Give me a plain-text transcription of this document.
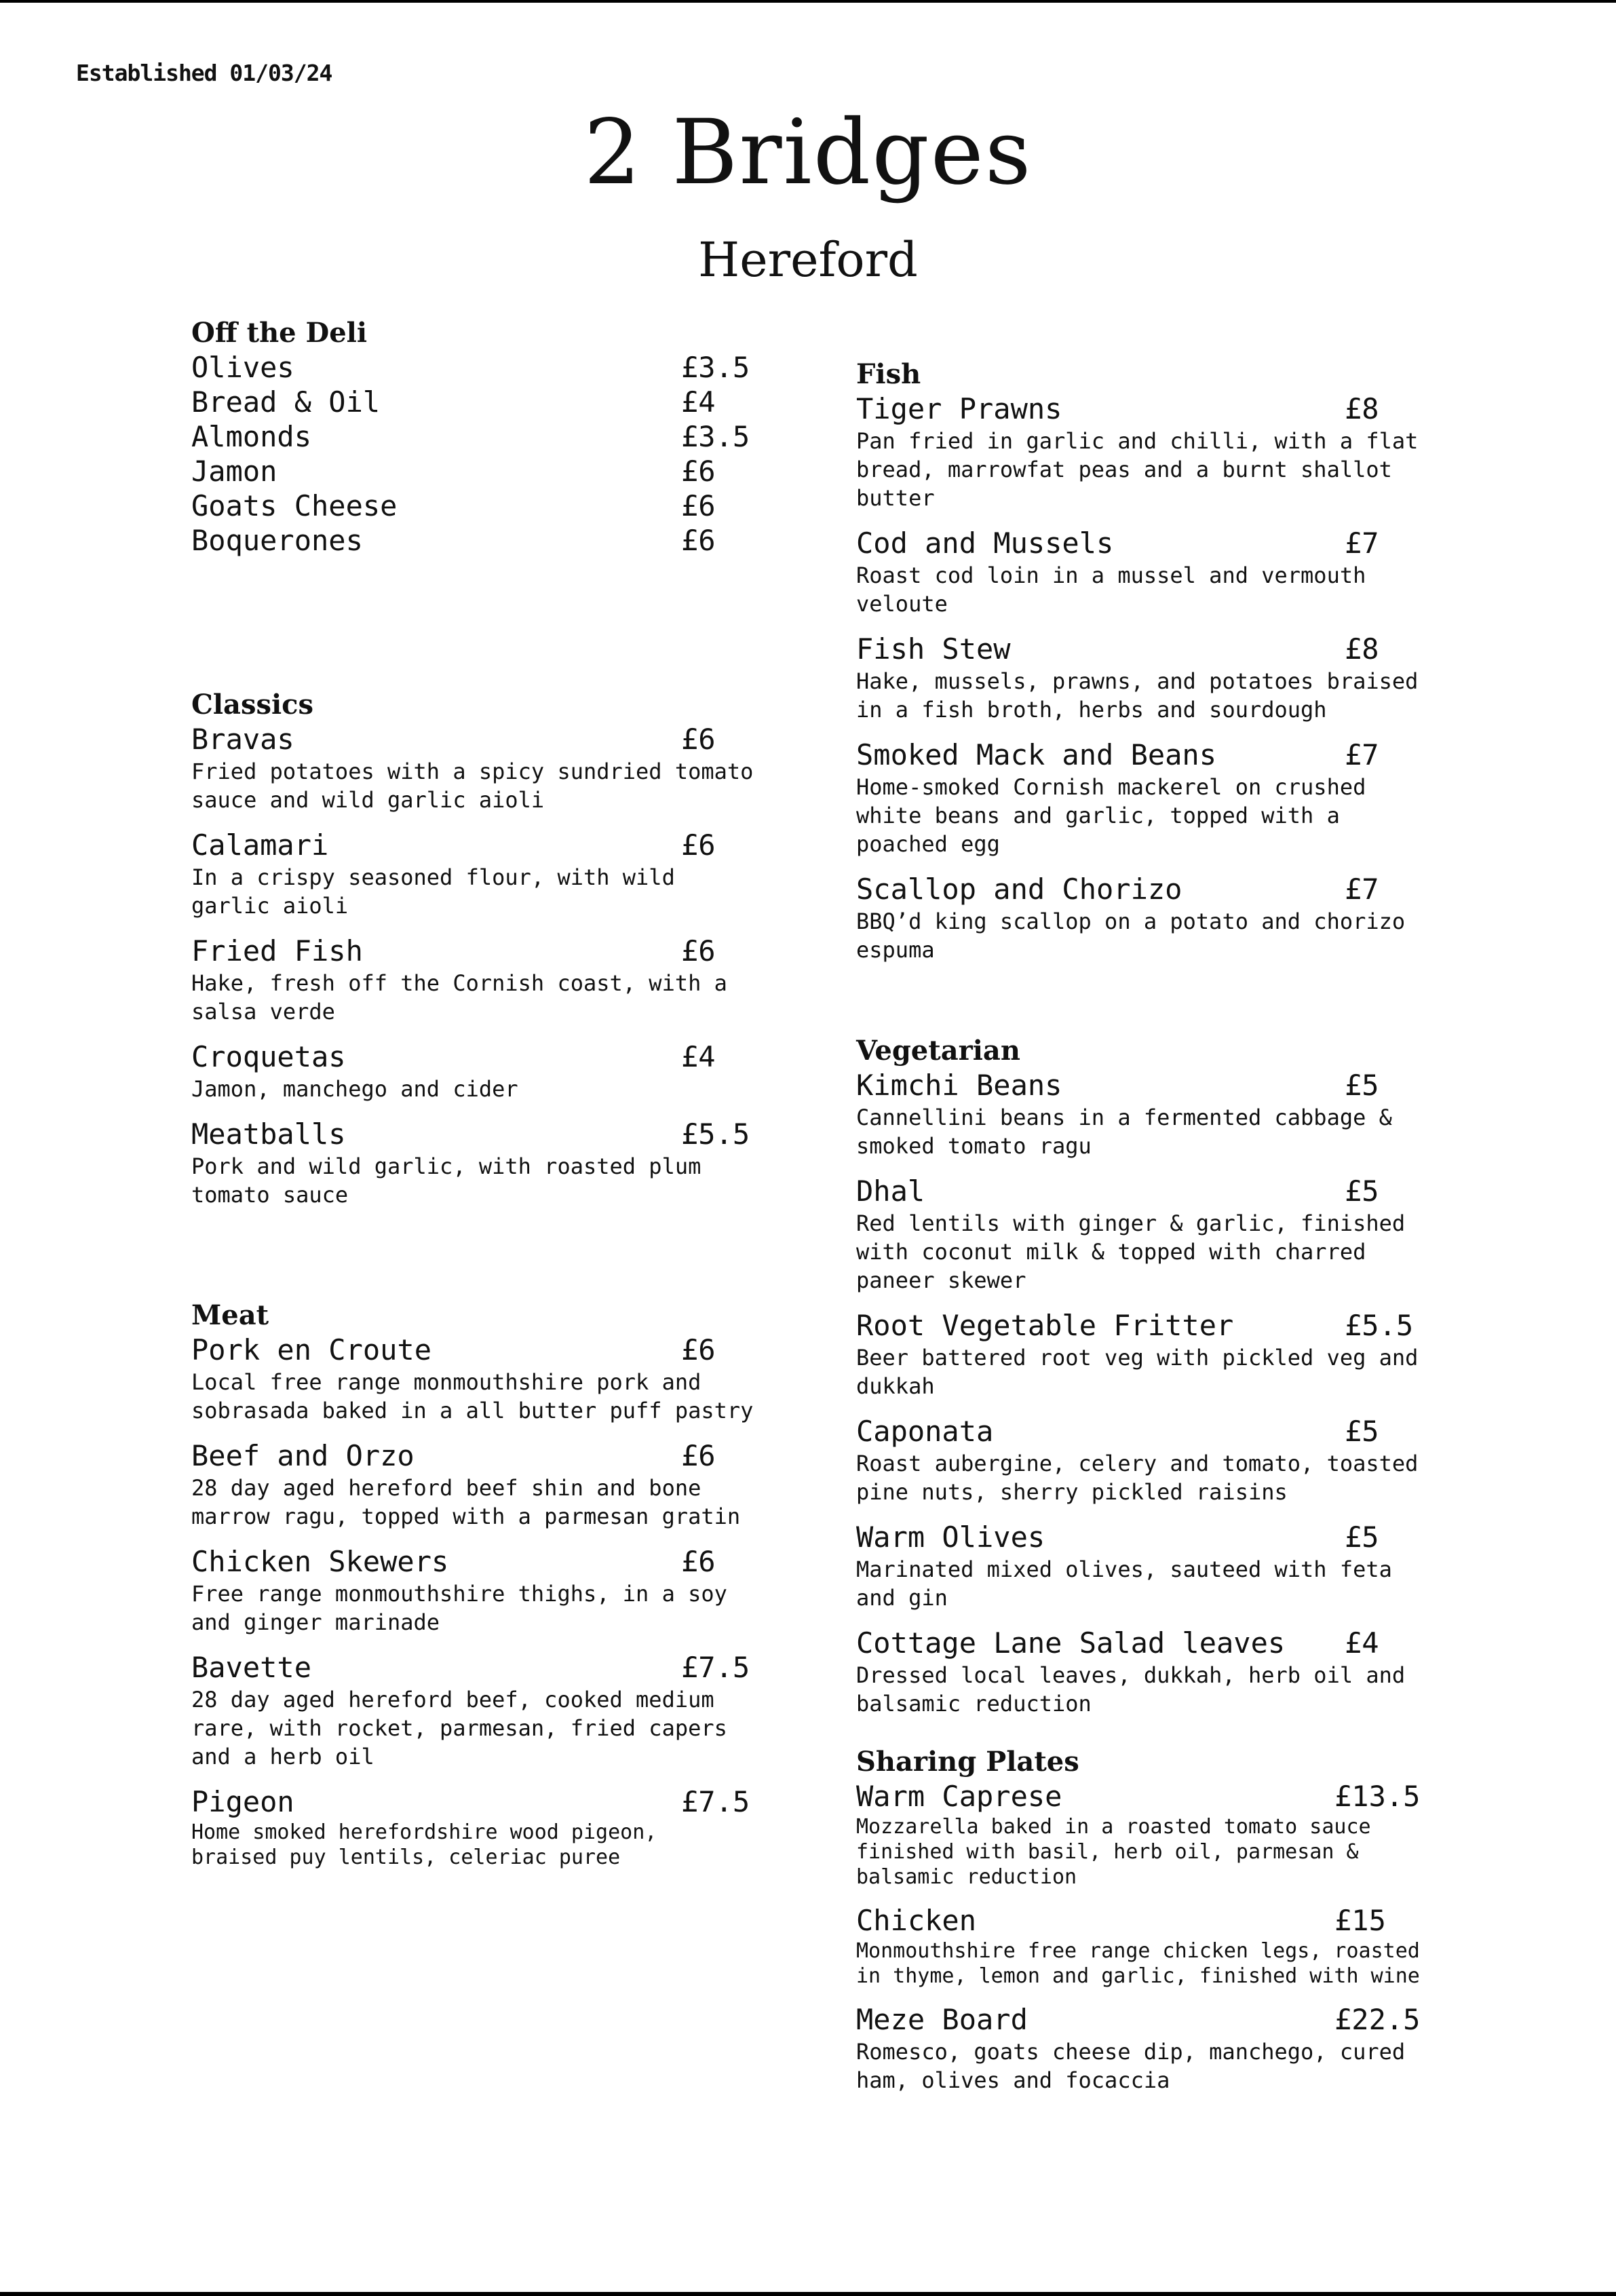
Established 01/03/24
2 Bridges
Hereford
Off the Deli
Olives	£3.5
Bread & Oil	£4
Almonds	£3.5
Jamon	£6
Goats Cheese	£6
Boquerones	£6
Classics
Bravas	£6
Fried potatoes with a spicy sundried tomato sauce and wild garlic aioli
Calamari	£6
In a crispy seasoned flour, with wild garlic aioli
Fried Fish	£6
Hake, fresh off the Cornish coast, with a salsa verde
Croquetas	£4
Jamon, manchego and cider
Meatballs	£5.5
Pork and wild garlic, with roasted plum tomato sauce
Meat
Pork en Croute	£6
Local free range monmouthshire pork and sobrasada baked in a all butter puff pastry
Beef and Orzo	£6
28 day aged hereford beef shin and bone marrow ragu, topped with a parmesan gratin
Chicken Skewers	£6
Free range monmouthshire thighs, in a soy and ginger marinade
Bavette	£7.5
28 day aged hereford beef, cooked medium rare, with rocket, parmesan, fried capers and a herb oil
Pigeon	£7.5
Home smoked herefordshire wood pigeon, braised puy lentils, celeriac puree
Fish
Tiger Prawns	£8
Pan fried in garlic and chilli, with a flat bread, marrowfat peas and a burnt shallot butter
Cod and Mussels	£7
Roast cod loin in a mussel and vermouth veloute
Fish Stew	£8
Hake, mussels, prawns, and potatoes braised in a fish broth, herbs and sourdough
Smoked Mack and Beans	£7
Home-smoked Cornish mackerel on crushed white beans and garlic, topped with a poached egg
Scallop and Chorizo	£7
BBQ’d king scallop on a potato and chorizo espuma
Vegetarian
Kimchi Beans	£5
Cannellini beans in a fermented cabbage & smoked tomato ragu
Dhal	£5
Red lentils with ginger & garlic, finished with coconut milk & topped with charred paneer skewer
Root Vegetable Fritter	£5.5
Beer battered root veg with pickled veg and dukkah
Caponata	£5
Roast aubergine, celery and tomato, toasted pine nuts, sherry pickled raisins
Warm Olives	£5
Marinated mixed olives, sauteed with feta and gin
Cottage Lane Salad leaves £4
Dressed local leaves, dukkah, herb oil and balsamic reduction
Sharing Plates
Warm Caprese	£13.5
Mozzarella baked in a roasted tomato sauce finished with basil, herb oil, parmesan & balsamic reduction
Chicken	£15
Monmouthshire free range chicken legs, roasted in thyme, lemon and garlic, finished with wine
Meze Board	£22.5
Romesco, goats cheese dip, manchego, cured ham, olives and focaccia
